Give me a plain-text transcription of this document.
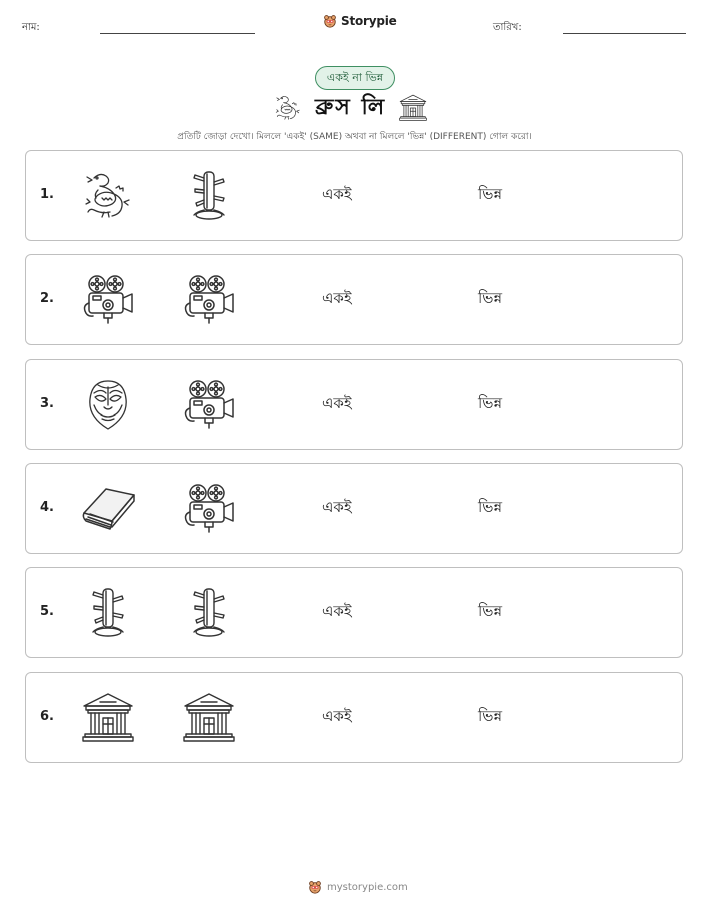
নাম:	Storypie	তারিখ:
একই না ভিন্ন
ব্রুস লি
প্রতিটি জোড়া দেখো। মিললে 'একই' (SAME) অথবা না মিললে 'ভিন্ন' (DIFFERENT) গোল করো।
1.	একই	ভিন্ন
2.	একই	ভিন্ন
3.	একই	ভিন্ন
4.	একই	ভিন্ন
5.	একই	ভিন্ন
6.	একই	ভিন্ন
mystorypie.com
